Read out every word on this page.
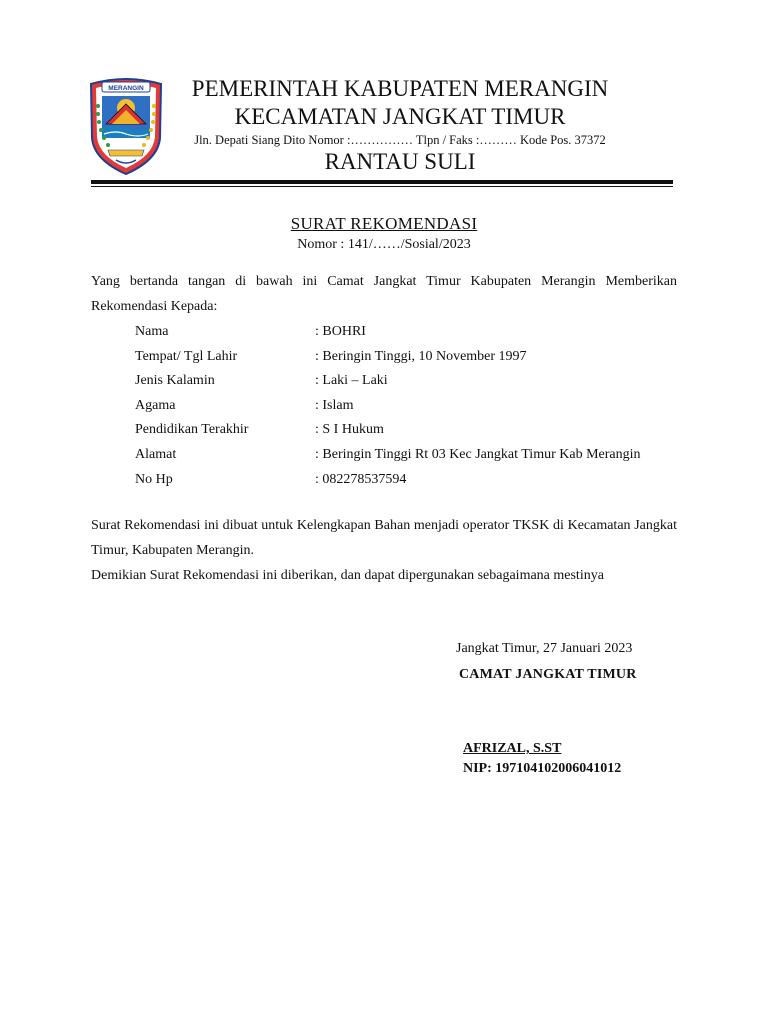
MERANGIN	PEMERINTAH KABUPATEN MERANGIN
KECAMATAN JANGKAT TIMUR
Jln. Depati Siang Dito Nomor :…………… Tlpn / Faks :……… Kode Pos. 37372
RANTAU SULI
SURAT REKOMENDASI
Nomor : 141/……/Sosial/2023
Yang bertanda tangan di bawah ini Camat Jangkat Timur Kabupaten Merangin Memberikan Rekomendasi Kepada:
Nama	: BOHRI
Tempat/ Tgl Lahir	: Beringin Tinggi, 10 November 1997
Jenis Kalamin	: Laki – Laki
Agama	: Islam
Pendidikan Terakhir	: S I Hukum
Alamat	: Beringin Tinggi Rt 03 Kec Jangkat Timur Kab Merangin
No Hp	: 082278537594
Surat Rekomendasi ini dibuat untuk Kelengkapan Bahan menjadi operator TKSK di Kecamatan Jangkat Timur, Kabupaten Merangin.
Demikian Surat Rekomendasi ini diberikan, dan dapat dipergunakan sebagaimana mestinya
Jangkat Timur, 27 Januari 2023
CAMAT JANGKAT TIMUR
AFRIZAL, S.ST
NIP: 197104102006041012
